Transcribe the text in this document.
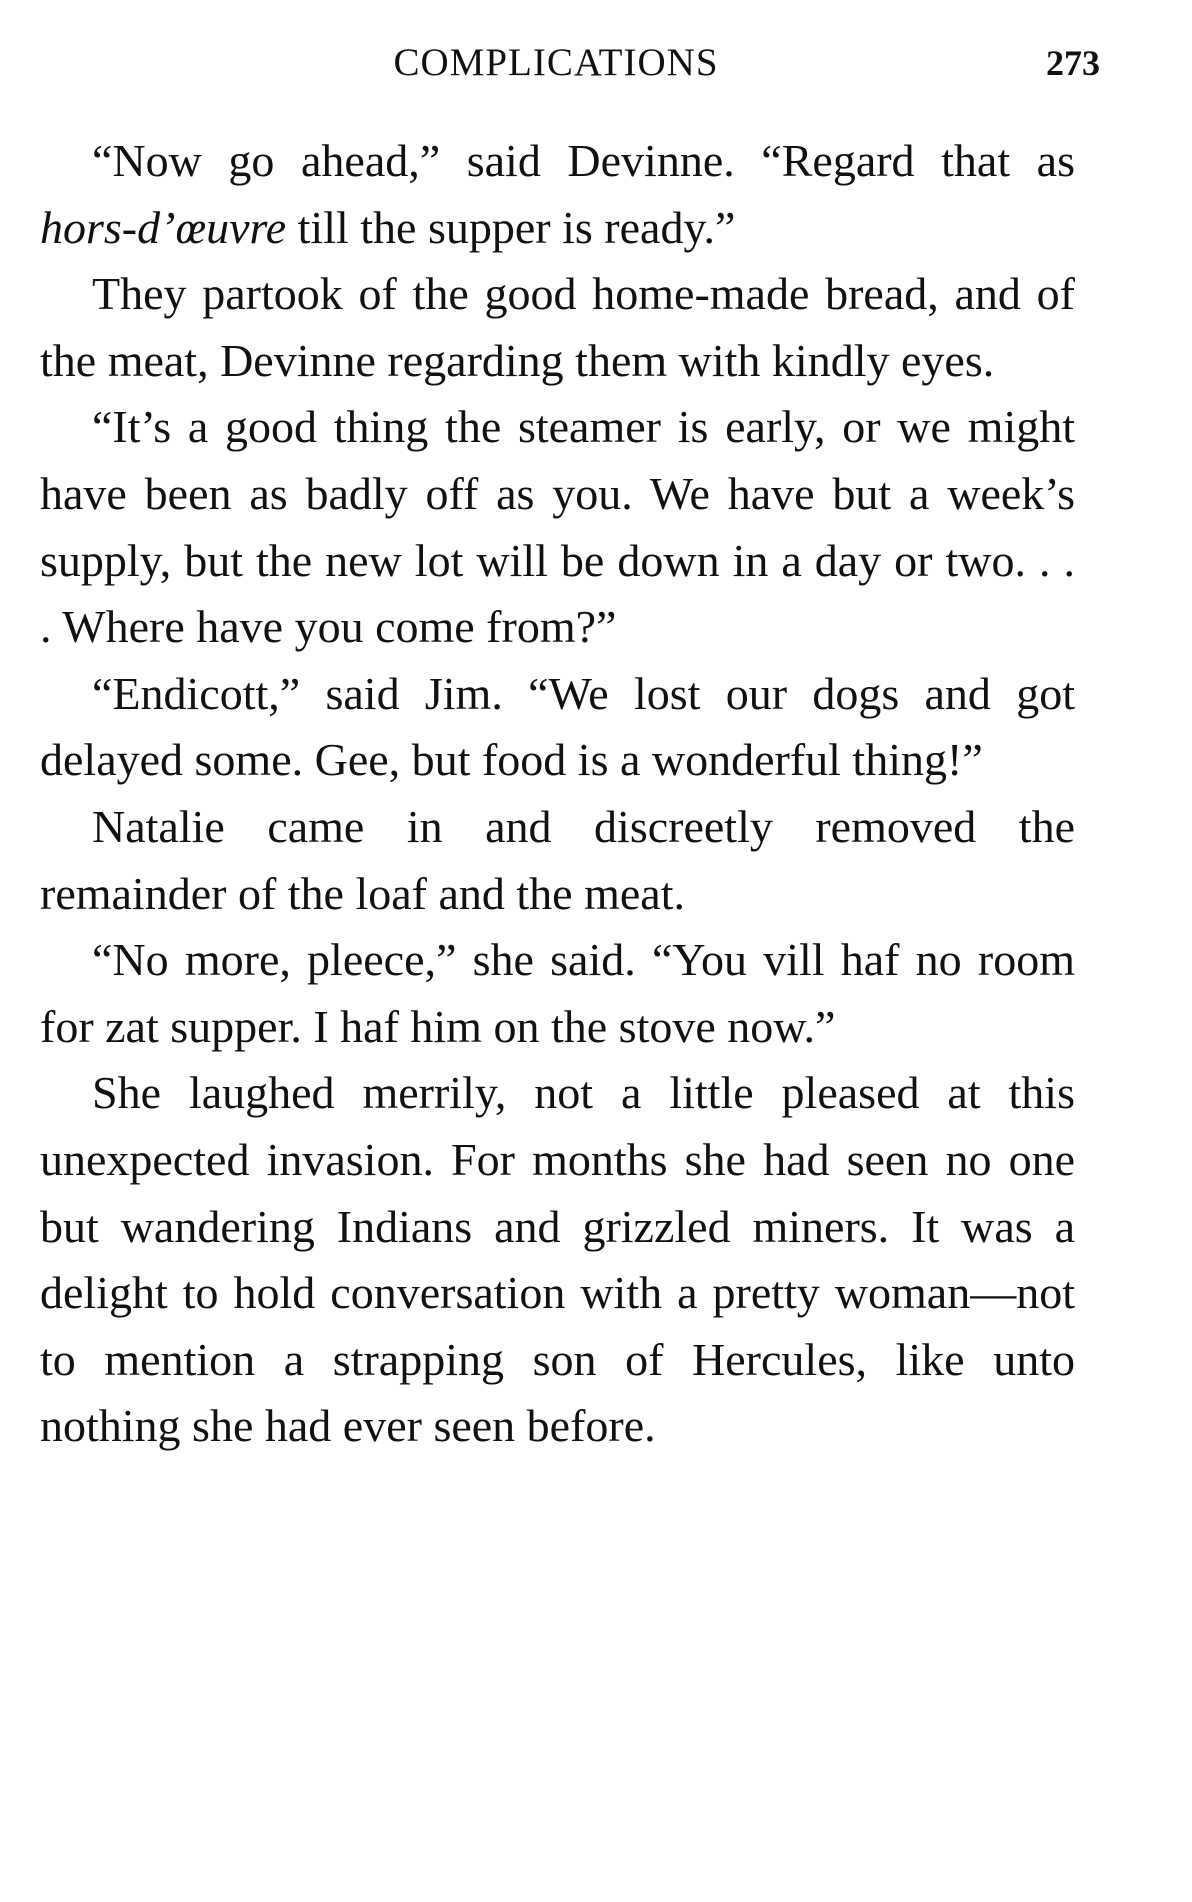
COMPLICATIONS	273

“Now go ahead,” said Devinne. “Regard that as hors-d’œuvre till the supper is ready.”

They partook of the good home-made bread, and of the meat, Devinne regarding them with kindly eyes.

“It’s a good thing the steamer is early, or we might have been as badly off as you. We have but a week’s supply, but the new lot will be down in a day or two. . . . Where have you come from?”

“Endicott,” said Jim. “We lost our dogs and got delayed some. Gee, but food is a wonderful thing!”

Natalie came in and discreetly removed the remainder of the loaf and the meat.

“No more, pleece,” she said. “You vill haf no room for zat supper. I haf him on the stove now.”

She laughed merrily, not a little pleased at this unexpected invasion. For months she had seen no one but wandering Indians and grizzled miners. It was a delight to hold conversation with a pretty woman—not to mention a strapping son of Hercules, like unto nothing she had ever seen before.
